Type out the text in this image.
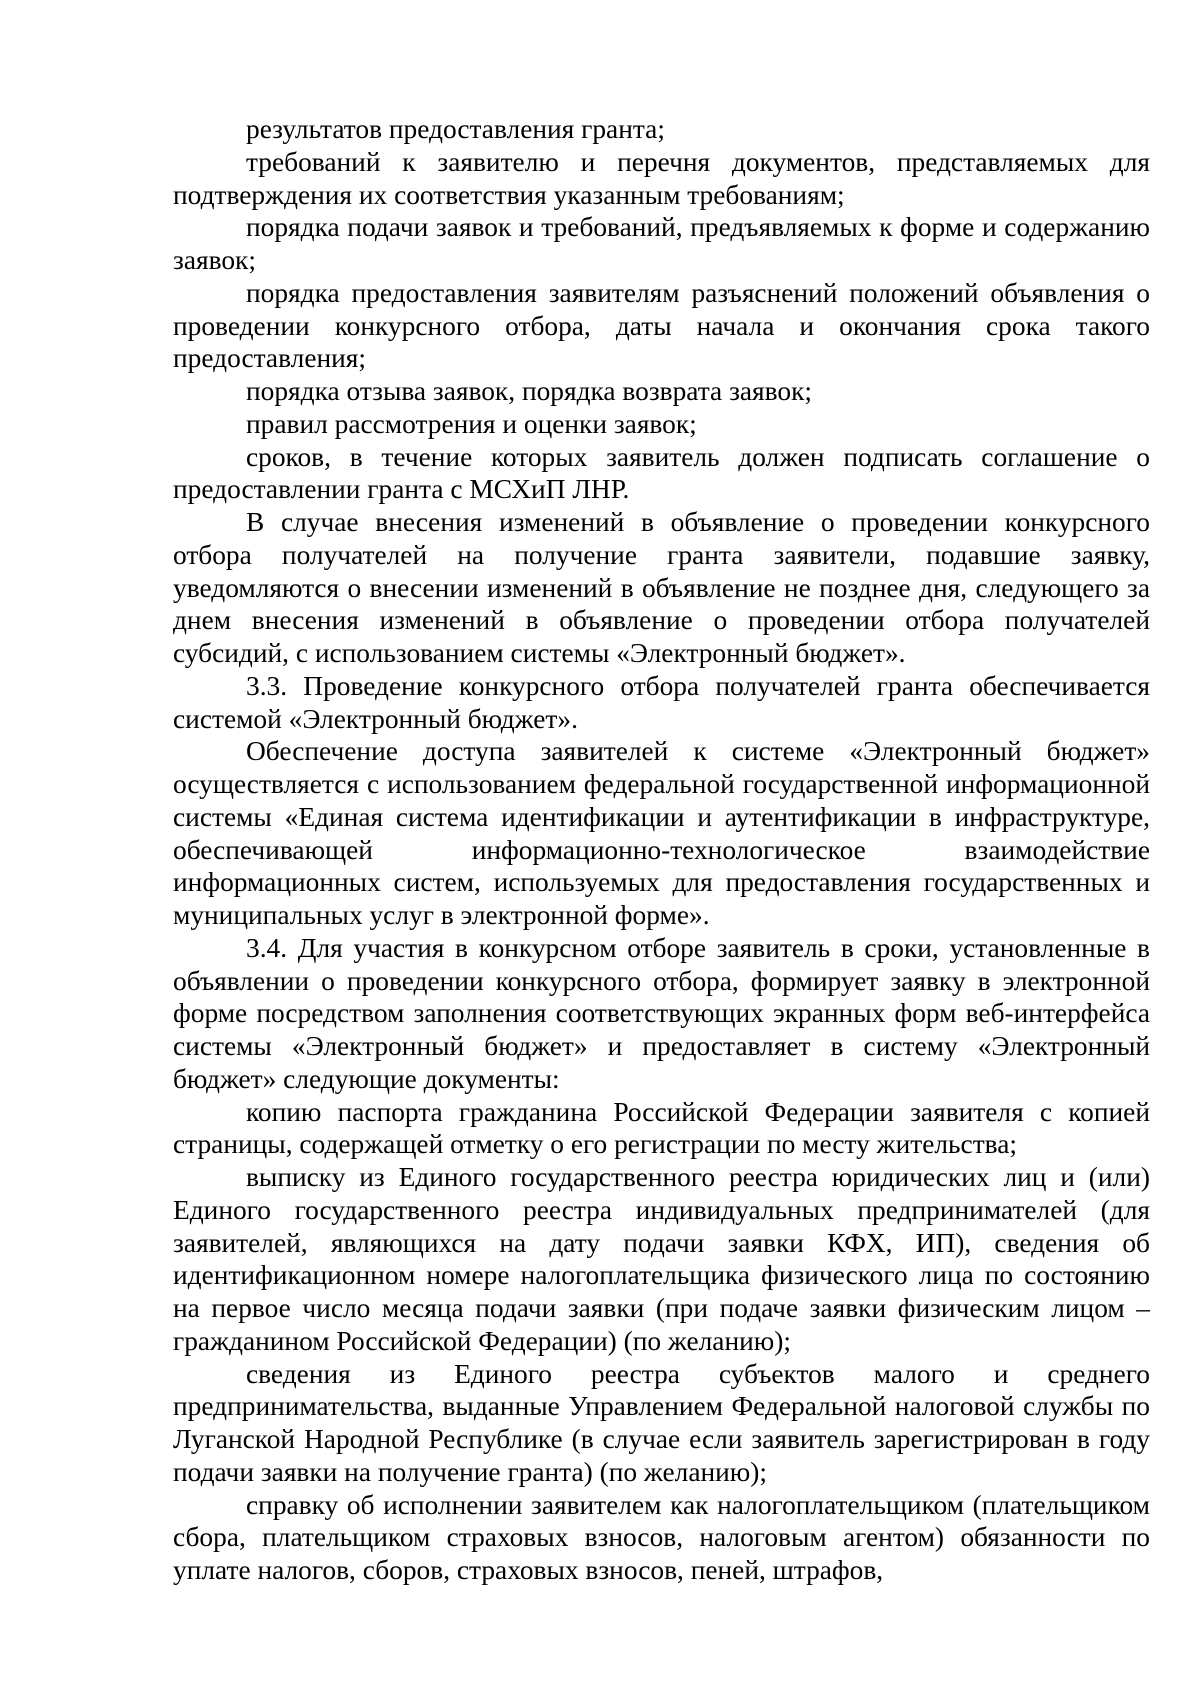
результатов предоставления гранта;

требований к заявителю и перечня документов, представляемых для подтверждения их соответствия указанным требованиям;

порядка подачи заявок и требований, предъявляемых к форме и содержанию заявок;

порядка предоставления заявителям разъяснений положений объявления о проведении конкурсного отбора, даты начала и окончания срока такого предоставления;

порядка отзыва заявок, порядка возврата заявок;

правил рассмотрения и оценки заявок;

сроков, в течение которых заявитель должен подписать соглашение о предоставлении гранта с МСХиП ЛНР.

В случае внесения изменений в объявление о проведении конкурсного отбора получателей на получение гранта заявители, подавшие заявку, уведомляются о внесении изменений в объявление не позднее дня, следующего за днем внесения изменений в объявление о проведении отбора получателей субсидий, с использованием системы «Электронный бюджет».

3.3. Проведение конкурсного отбора получателей гранта обеспечивается системой «Электронный бюджет».

Обеспечение доступа заявителей к системе «Электронный бюджет» осуществляется с использованием федеральной государственной информационной системы «Единая система идентификации и аутентификации в инфраструктуре, обеспечивающей информационно-технологическое взаимодействие информационных систем, используемых для предоставления государственных и муниципальных услуг в электронной форме».

3.4. Для участия в конкурсном отборе заявитель в сроки, установленные в объявлении о проведении конкурсного отбора, формирует заявку в электронной форме посредством заполнения соответствующих экранных форм веб-интерфейса системы «Электронный бюджет» и предоставляет в систему «Электронный бюджет» следующие документы:

копию паспорта гражданина Российской Федерации заявителя с копией страницы, содержащей отметку о его регистрации по месту жительства;

выписку из Единого государственного реестра юридических лиц и (или) Единого государственного реестра индивидуальных предпринимателей (для заявителей, являющихся на дату подачи заявки КФХ, ИП), сведения об идентификационном номере налогоплательщика физического лица по состоянию на первое число месяца подачи заявки (при подаче заявки физическим лицом – гражданином Российской Федерации) (по желанию);

сведения из Единого реестра субъектов малого и среднего предпринимательства, выданные Управлением Федеральной налоговой службы по Луганской Народной Республике (в случае если заявитель зарегистрирован в году подачи заявки на получение гранта) (по желанию);

справку об исполнении заявителем как налогоплательщиком (плательщиком сбора, плательщиком страховых взносов, налоговым агентом) обязанности по уплате налогов, сборов, страховых взносов, пеней, штрафов,
